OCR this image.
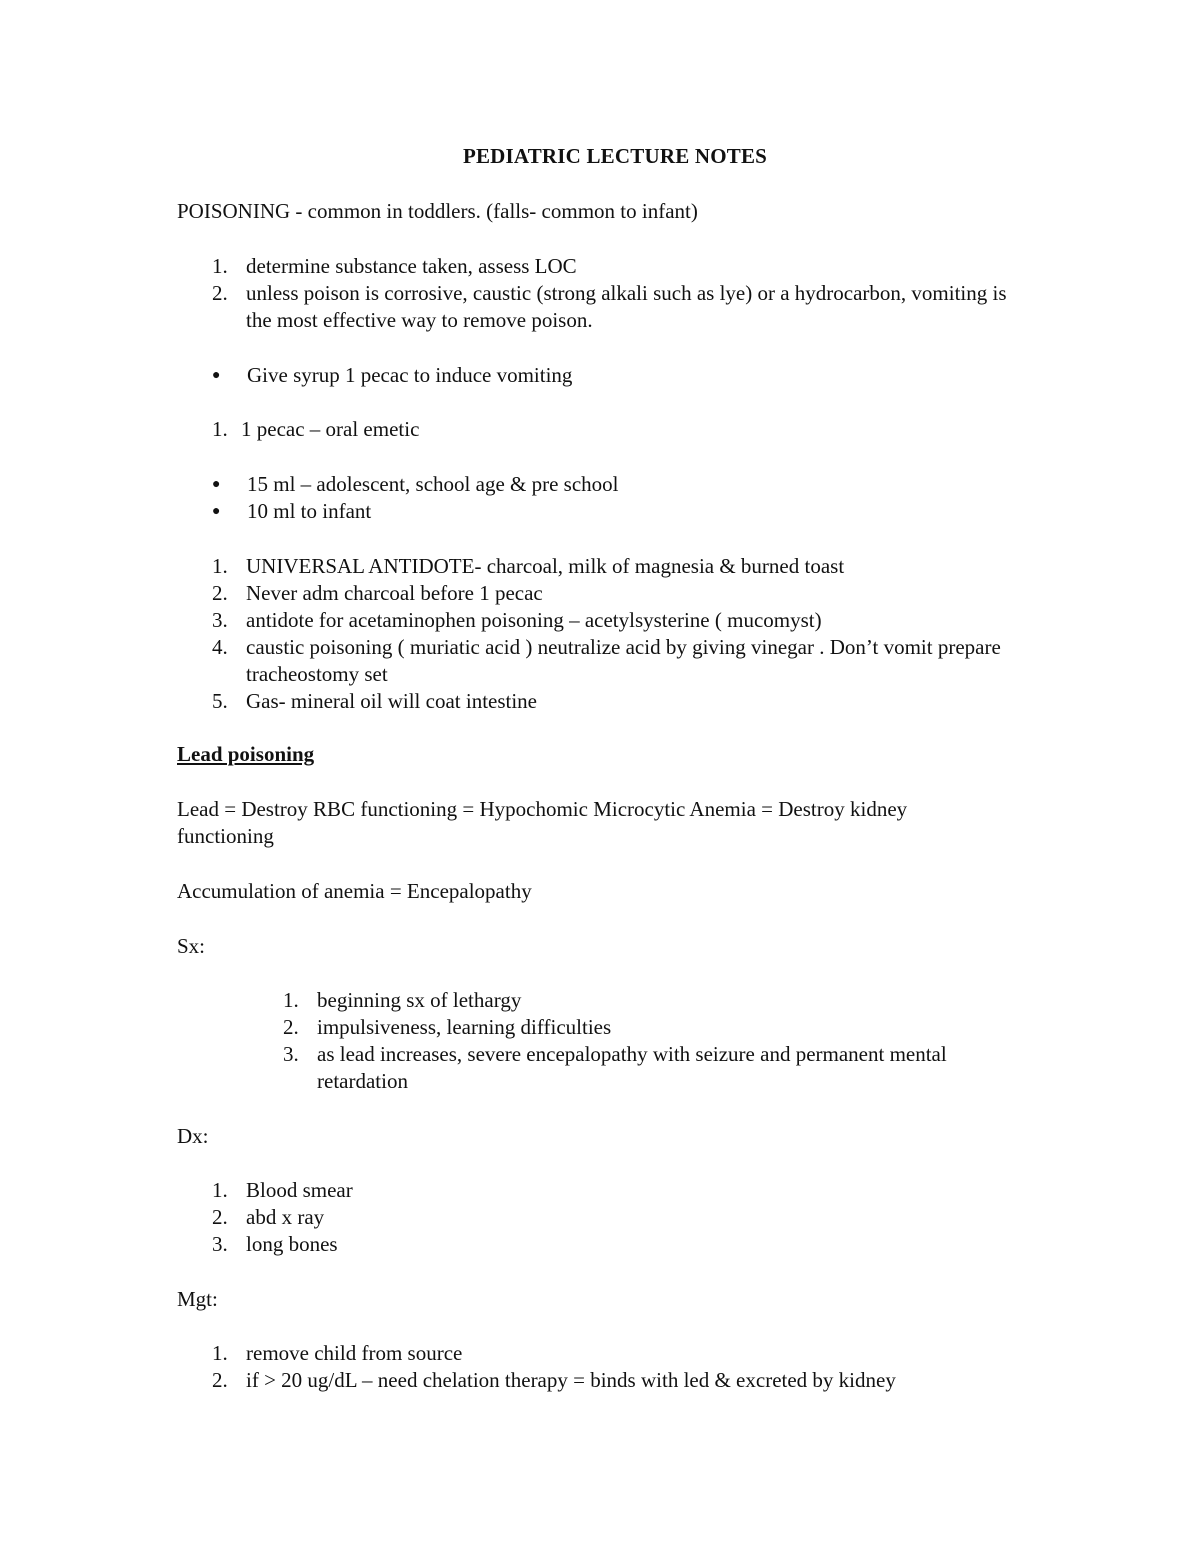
PEDIATRIC LECTURE NOTES
POISONING - common in toddlers. (falls- common to infant)
1. determine substance taken, assess LOC
2. unless poison is corrosive, caustic (strong alkali such as lye) or a hydrocarbon, vomiting is the most effective way to remove poison.
●	Give syrup 1 pecac to induce vomiting
1. 1 pecac – oral emetic
●	15 ml – adolescent, school age & pre school
●	10 ml to infant
1. UNIVERSAL ANTIDOTE- charcoal, milk of magnesia & burned toast
2. Never adm charcoal before 1 pecac
3. antidote for acetaminophen poisoning – acetylsysterine ( mucomyst)
4. caustic poisoning ( muriatic acid ) neutralize acid by giving vinegar . Don’t vomit prepare tracheostomy set
5. Gas- mineral oil will coat intestine
Lead poisoning
Lead = Destroy RBC functioning = Hypochomic Microcytic Anemia = Destroy kidney functioning
Accumulation of anemia = Encepalopathy
Sx:
1. beginning sx of lethargy
2. impulsiveness, learning difficulties
3. as lead increases, severe encepalopathy with seizure and permanent mental retardation
Dx:
1. Blood smear
2. abd x ray
3. long bones
Mgt:
1. remove child from source
2. if > 20 ug/dL – need chelation therapy = binds with led & excreted by kidney
